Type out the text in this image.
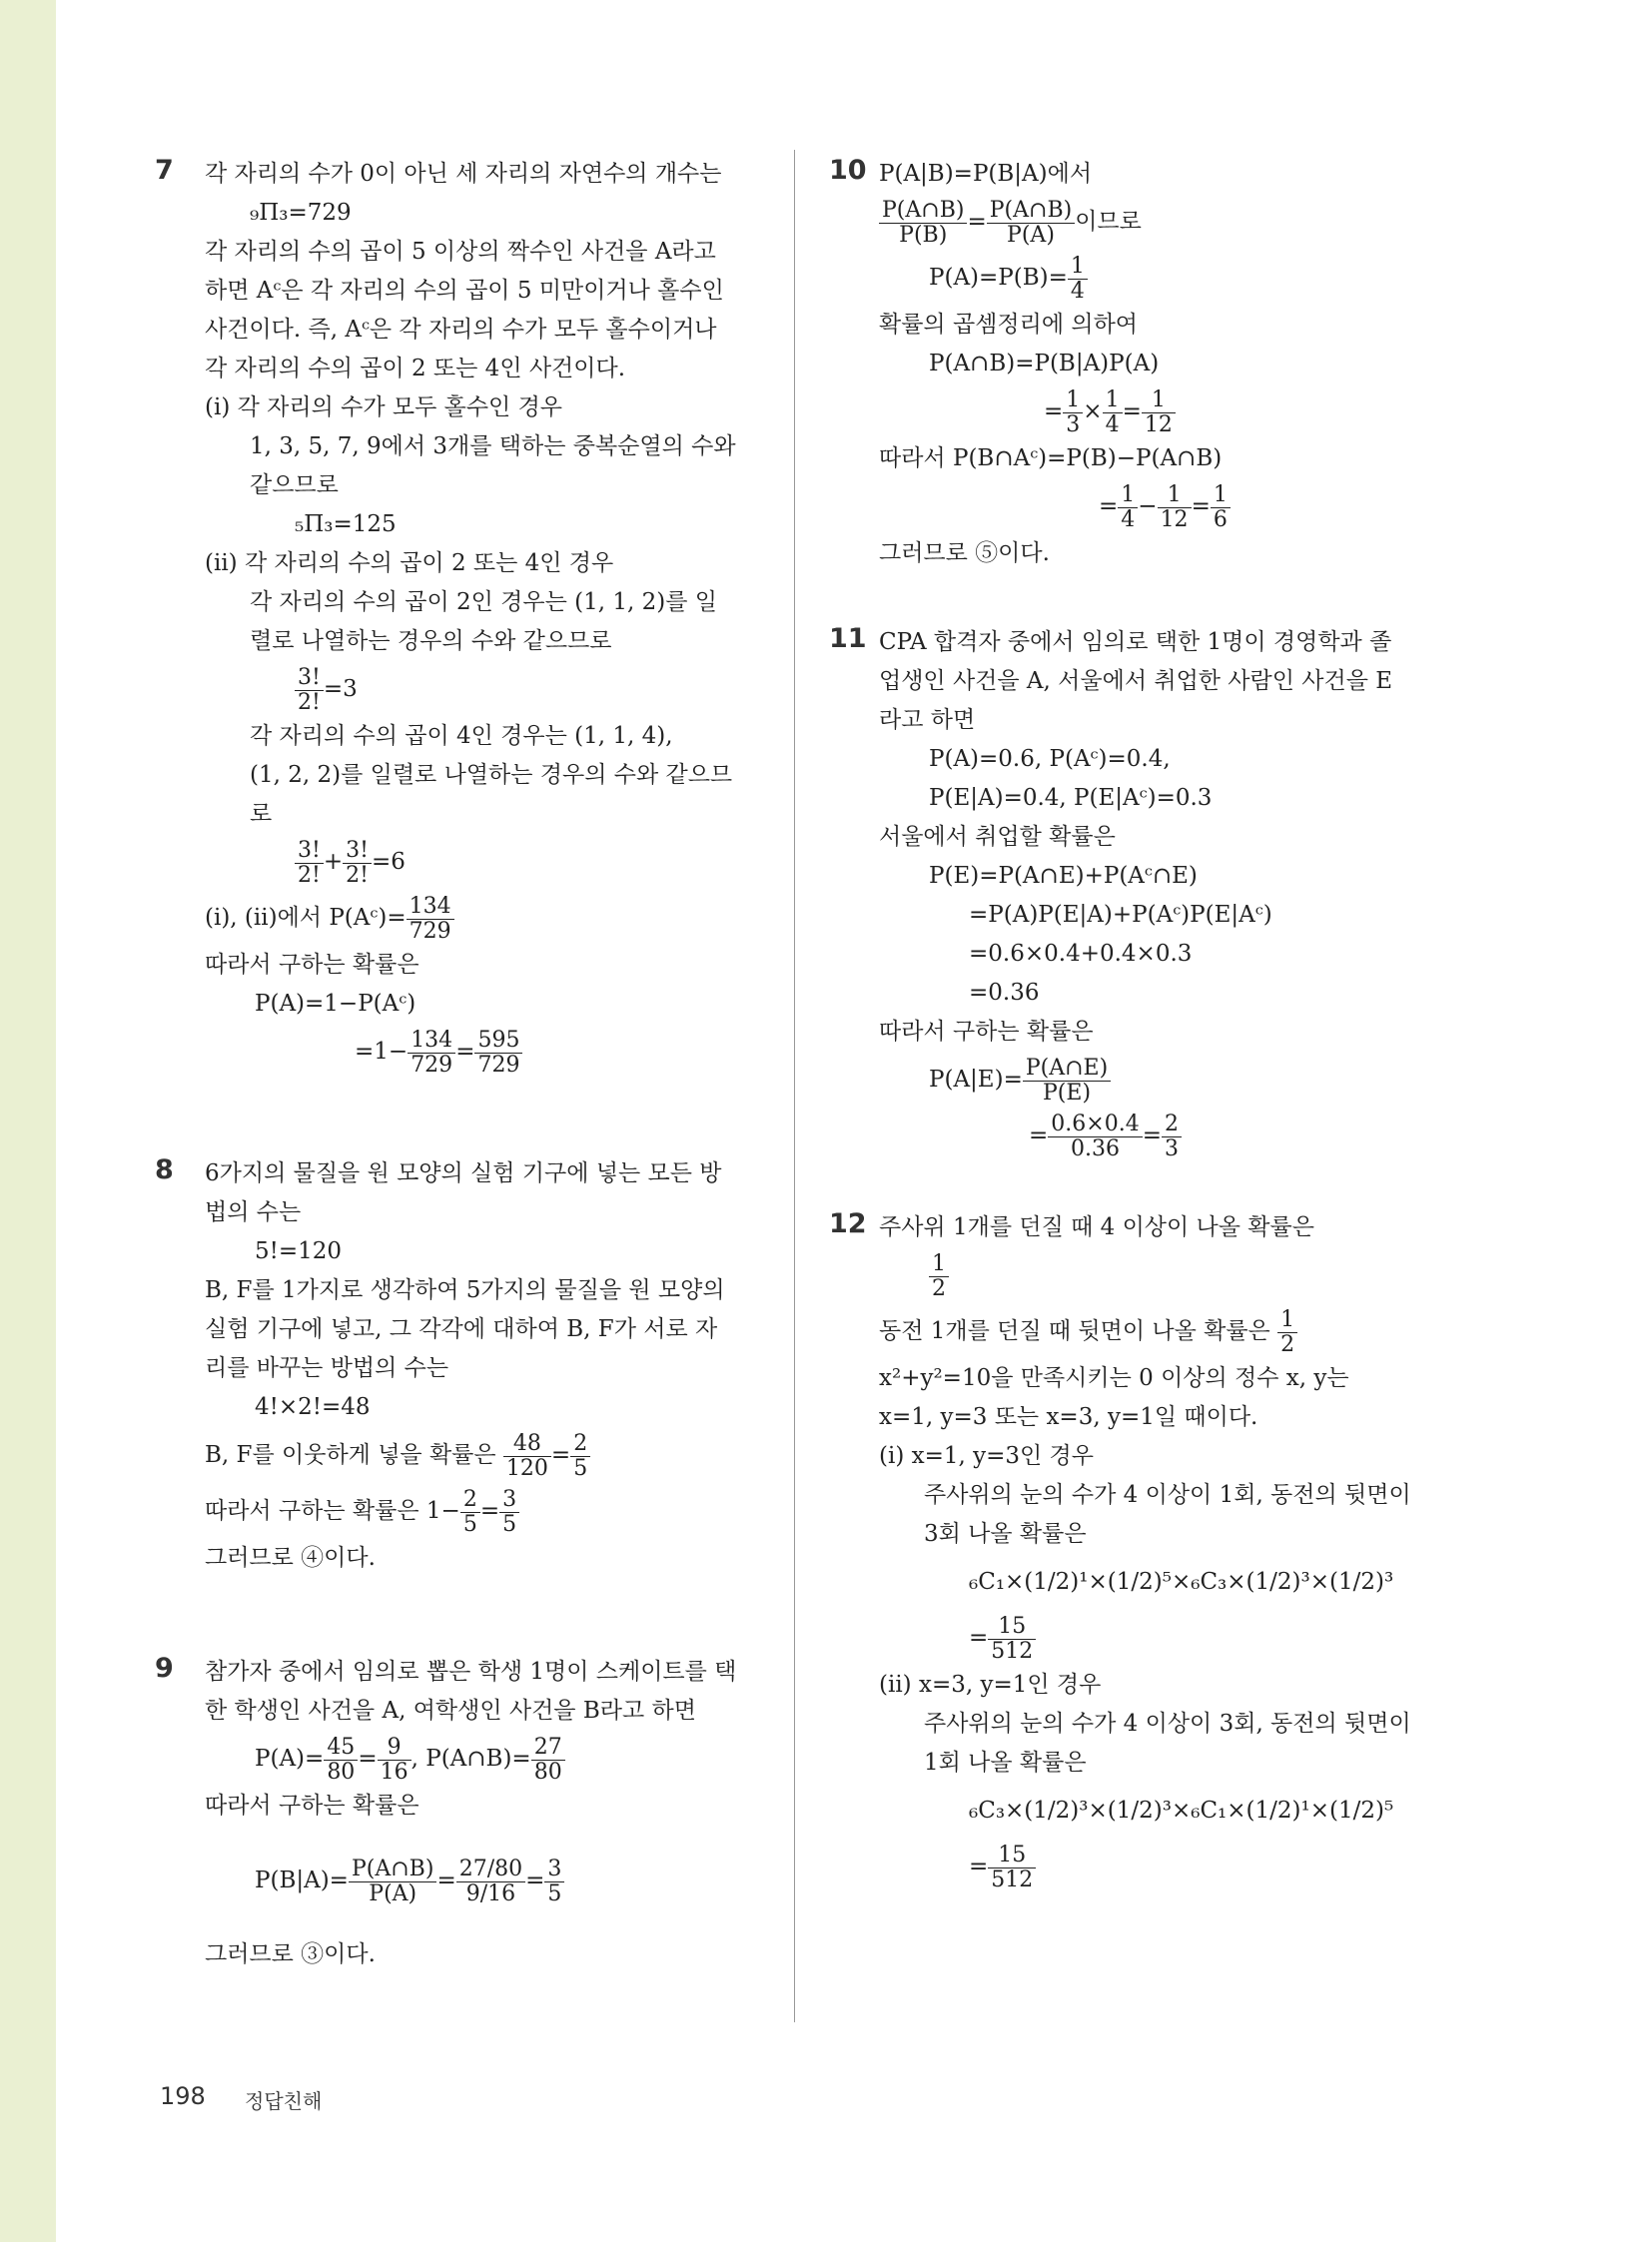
7 각 자리의 수가 0이 아닌 세 자리의 자연수의 개수는
₉Π₃=729
각 자리의 수의 곱이 5 이상의 짝수인 사건을 A라고
하면 Aᶜ은 각 자리의 수의 곱이 5 미만이거나 홀수인
사건이다. 즉, Aᶜ은 각 자리의 수가 모두 홀수이거나
각 자리의 수의 곱이 2 또는 4인 사건이다.
(ⅰ) 각 자리의 수가 모두 홀수인 경우
1, 3, 5, 7, 9에서 3개를 택하는 중복순열의 수와
같으므로
₅Π₃=125
(ⅱ) 각 자리의 수의 곱이 2 또는 4인 경우
각 자리의 수의 곱이 2인 경우는 (1, 1, 2)를 일
렬로 나열하는 경우의 수와 같으므로
$\frac{3!}{2!} =3$
각 자리의 수의 곱이 4인 경우는 (1, 1, 4),
(1, 2, 2)를 일렬로 나열하는 경우의 수와 같으므
로
$\frac{3!}{2!} + \frac{3!}{2!} =6$
(ⅰ), (ⅱ)에서 P(Aᶜ)= $\frac{134}{729}$
따라서 구하는 확률은
P(A)=1−P(Aᶜ)
$=1- \frac{134}{729} = \frac{595}{729}$
8 6가지의 물질을 원 모양의 실험 기구에 넣는 모든 방
법의 수는
5!=120
B, F를 1가지로 생각하여 5가지의 물질을 원 모양의
실험 기구에 넣고, 그 각각에 대하여 B, F가 서로 자
리를 바꾸는 방법의 수는
4!×2!=48
B, F를 이웃하게 넣을 확률은 $\frac{48}{120} = \frac{2}{5}$
따라서 구하는 확률은 $1- \frac{2}{5} = \frac{3}{5}$
그러므로 ④이다.
9 참가자 중에서 임의로 뽑은 학생 1명이 스케이트를 택
한 학생인 사건을 A, 여학생인 사건을 B라고 하면
$P(A)= \frac{45}{80} = \frac{9}{16}$ , P(A∩B)= $\frac{27}{80}$
따라서 구하는 확률은
$P(B|A)= \frac{P(A\cap B)}{P(A)} = \frac{27/80}{9/16} = \frac{3}{5}$
그러므로 ③이다.
10 P(A|B)=P(B|A)에서
$\frac{P(A\cap B)}{P(B)} = \frac{P(A\cap B)}{P(A)}$ 이므로
$P(A)=P(B)= \frac{1}{4}$
확률의 곱셈정리에 의하여
P(A∩B)=P(B|A)P(A)
= $\frac{1}{3} \times \frac{1}{4} = \frac{1}{12}$
따라서 P(B∩Aᶜ)=P(B)−P(A∩B)
= $\frac{1}{4} - \frac{1}{12} = \frac{1}{6}$
그러므로 ⑤이다.
11 CPA 합격자 중에서 임의로 택한 1명이 경영학과 졸
업생인 사건을 A, 서울에서 취업한 사람인 사건을 E
라고 하면
P(A)=0.6, P(Aᶜ)=0.4,
P(E|A)=0.4, P(E|Aᶜ)=0.3
서울에서 취업할 확률은
P(E)=P(A∩E)+P(Aᶜ∩E)
=P(A)P(E|A)+P(Aᶜ)P(E|Aᶜ)
=0.6×0.4+0.4×0.3
=0.36
따라서 구하는 확률은
$P(A|E)= \frac{P(A\cap E)}{P(E)}$
= $\frac{0.6\times 0.4}{0.36} = \frac{2}{3}$
12 주사위 1개를 던질 때 4 이상이 나올 확률은
$\frac{1}{2}$
동전 1개를 던질 때 뒷면이 나올 확률은 $\frac{1}{2}$
x²+y²=10을 만족시키는 0 이상의 정수 x, y는
x=1, y=3 또는 x=3, y=1일 때이다.
(ⅰ) x=1, y=3인 경우
주사위의 눈의 수가 4 이상이 1회, 동전의 뒷면이
3회 나올 확률은
₆C₁×(1/2)¹×(1/2)⁵×₆C₃×(1/2)³×(1/2)³
= $\frac{15}{512}$
(ⅱ) x=3, y=1인 경우
주사위의 눈의 수가 4 이상이 3회, 동전의 뒷면이
1회 나올 확률은
₆C₃×(1/2)³×(1/2)³×₆C₁×(1/2)¹×(1/2)⁵
= $\frac{15}{512}$
198 정답친해
